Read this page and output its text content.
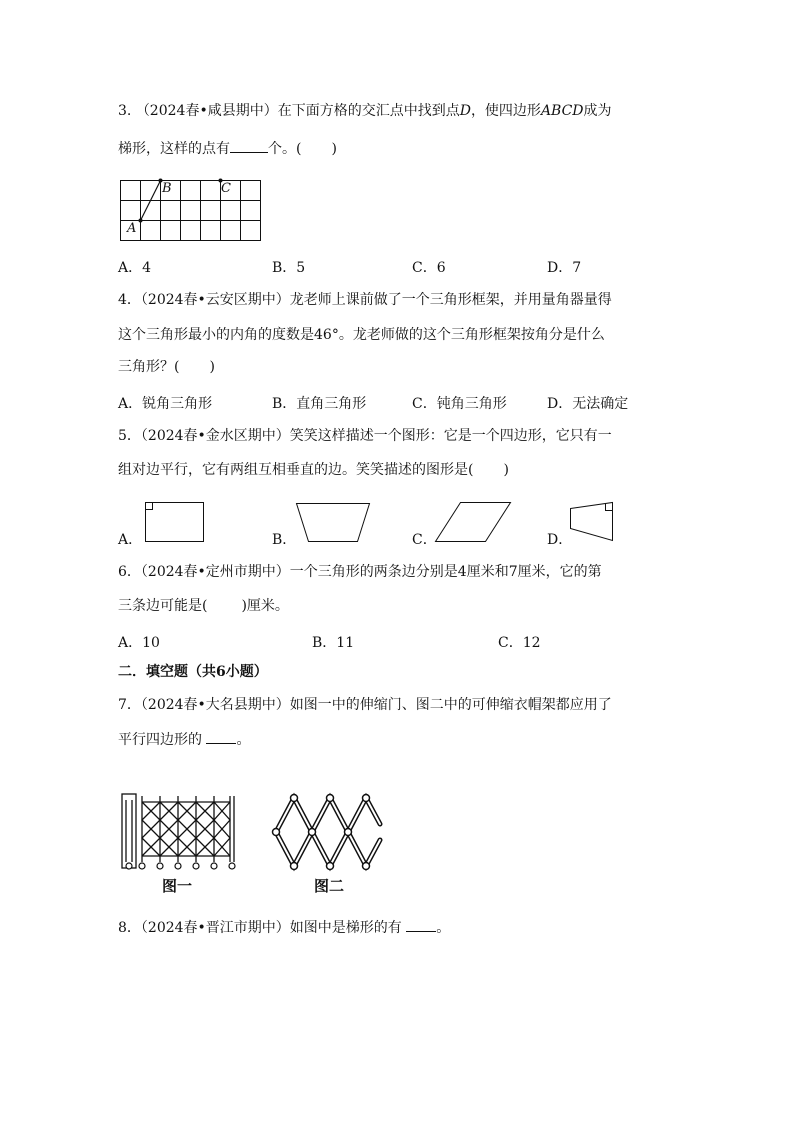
3. （2024春•咸县期中）在下面方格的交汇点中找到点D，使四边形ABCD成为
梯形，这样的点有	个。( )
A
B	C
A．4	B．5	C．6	D．7
4．（2024春•云安区期中）龙老师上课前做了一个三角形框架，并用量角器量得
这个三角形最小的内角的度数是46°。龙老师做的这个三角形框架按角分是什么
三角形？( )
A．锐角三角形	B．直角三角形	C．钝角三角形	D．无法确定
5．（2024春•金水区期中）笑笑这样描述一个图形：它是一个四边形，它只有一
组对边平行，它有两组互相垂直的边。笑笑描述的图形是( )
A．	B．	C．	D．
6．（2024春•定州市期中）一个三角形的两条边分别是4厘米和7厘米，它的第
三条边可能是( )厘米。
A．10	B．11	C．12
二．填空题（共6小题）
7．（2024春•大名县期中）如图一中的伸缩门、图二中的可伸缩衣帽架都应用了
平行四边形的 。
图一	图二
8．（2024春•晋江市期中）如图中是梯形的有 。
